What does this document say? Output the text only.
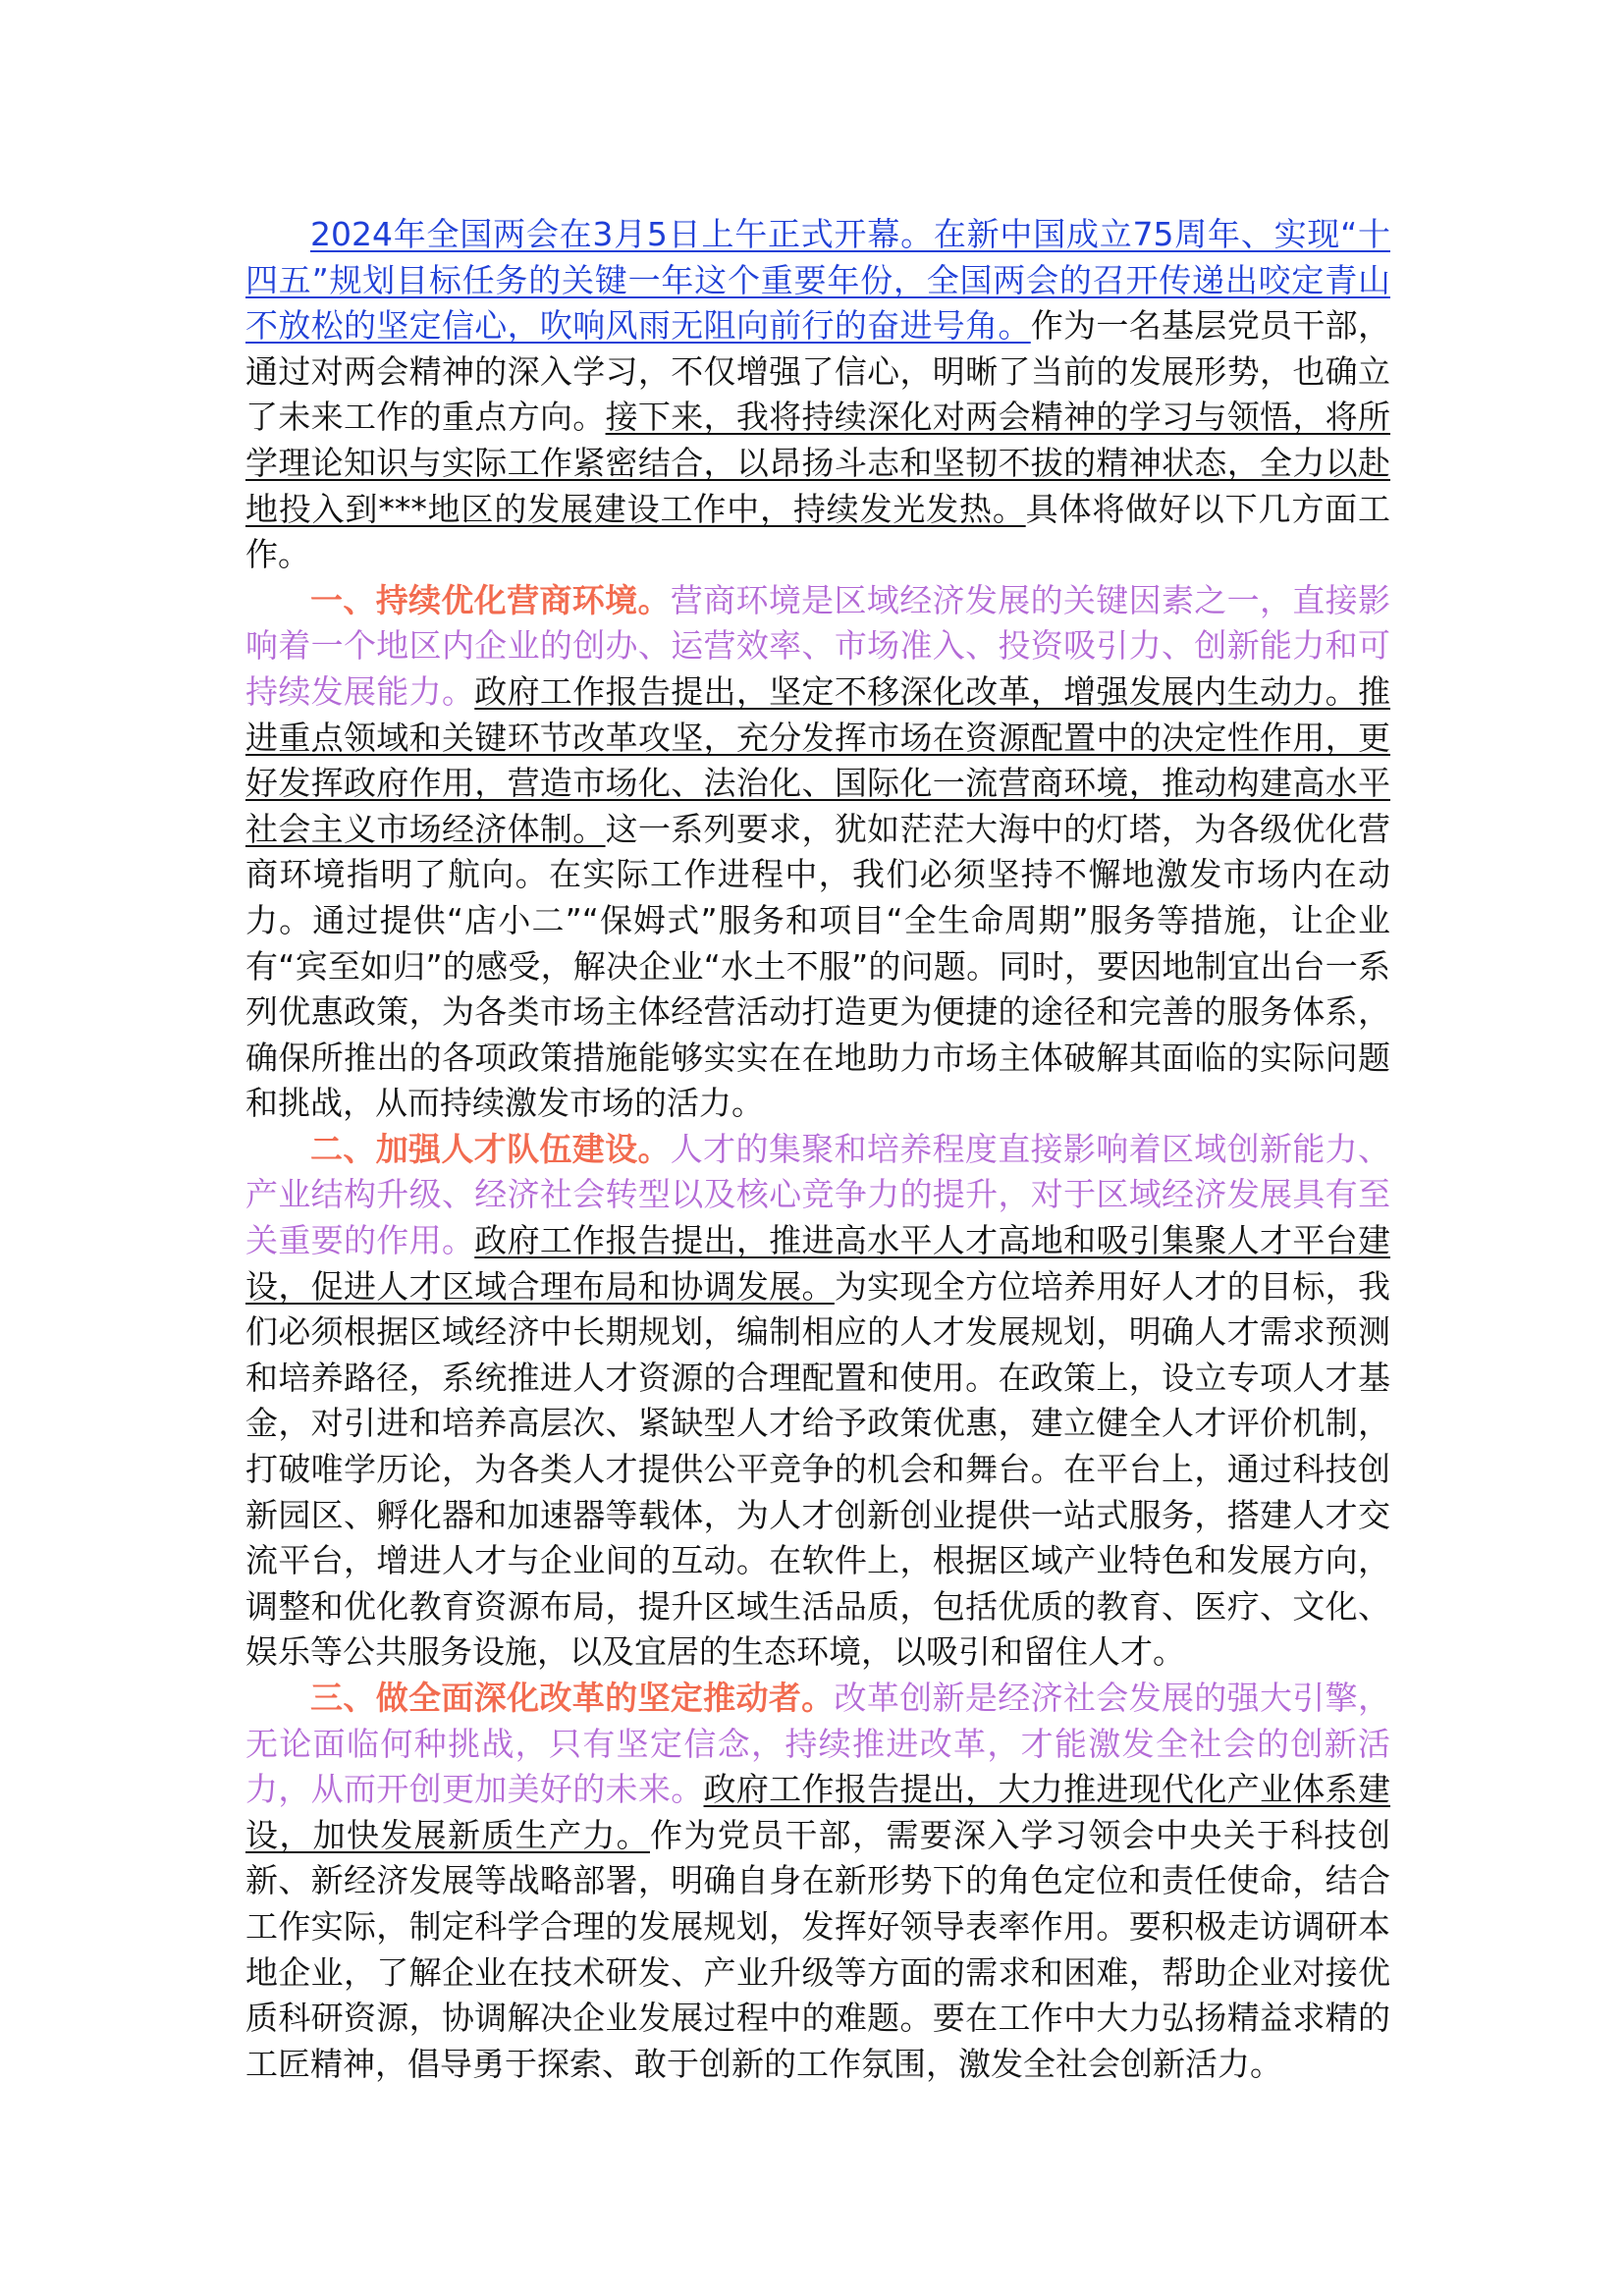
2024年全国两会在3月5日上午正式开幕。在新中国成立75周年、实现“十四五”规划目标任务的关键一年这个重要年份，全国两会的召开传递出咬定青山不放松的坚定信心，吹响风雨无阻向前行的奋进号角。作为一名基层党员干部，通过对两会精神的深入学习，不仅增强了信心，明晰了当前的发展形势，也确立了未来工作的重点方向。接下来，我将持续深化对两会精神的学习与领悟，将所学理论知识与实际工作紧密结合，以昂扬斗志和坚韧不拔的精神状态，全力以赴地投入到***地区的发展建设工作中，持续发光发热。具体将做好以下几方面工作。

一、持续优化营商环境。营商环境是区域经济发展的关键因素之一，直接影响着一个地区内企业的创办、运营效率、市场准入、投资吸引力、创新能力和可持续发展能力。政府工作报告提出，坚定不移深化改革，增强发展内生动力。推进重点领域和关键环节改革攻坚，充分发挥市场在资源配置中的决定性作用，更好发挥政府作用，营造市场化、法治化、国际化一流营商环境，推动构建高水平社会主义市场经济体制。这一系列要求，犹如茫茫大海中的灯塔，为各级优化营商环境指明了航向。在实际工作进程中，我们必须坚持不懈地激发市场内在动力。通过提供“店小二”“保姆式”服务和项目“全生命周期”服务等措施，让企业有“宾至如归”的感受，解决企业“水土不服”的问题。同时，要因地制宜出台一系列优惠政策，为各类市场主体经营活动打造更为便捷的途径和完善的服务体系，确保所推出的各项政策措施能够实实在在地助力市场主体破解其面临的实际问题和挑战，从而持续激发市场的活力。

二、加强人才队伍建设。人才的集聚和培养程度直接影响着区域创新能力、产业结构升级、经济社会转型以及核心竞争力的提升，对于区域经济发展具有至关重要的作用。政府工作报告提出，推进高水平人才高地和吸引集聚人才平台建设，促进人才区域合理布局和协调发展。为实现全方位培养用好人才的目标，我们必须根据区域经济中长期规划，编制相应的人才发展规划，明确人才需求预测和培养路径，系统推进人才资源的合理配置和使用。在政策上，设立专项人才基金，对引进和培养高层次、紧缺型人才给予政策优惠，建立健全人才评价机制，打破唯学历论，为各类人才提供公平竞争的机会和舞台。在平台上，通过科技创新园区、孵化器和加速器等载体，为人才创新创业提供一站式服务，搭建人才交流平台，增进人才与企业间的互动。在软件上，根据区域产业特色和发展方向，调整和优化教育资源布局，提升区域生活品质，包括优质的教育、医疗、文化、娱乐等公共服务设施，以及宜居的生态环境，以吸引和留住人才。

三、做全面深化改革的坚定推动者。改革创新是经济社会发展的强大引擎，无论面临何种挑战，只有坚定信念，持续推进改革，才能激发全社会的创新活力，从而开创更加美好的未来。政府工作报告提出，大力推进现代化产业体系建设，加快发展新质生产力。作为党员干部，需要深入学习领会中央关于科技创新、新经济发展等战略部署，明确自身在新形势下的角色定位和责任使命，结合工作实际，制定科学合理的发展规划，发挥好领导表率作用。要积极走访调研本地企业，了解企业在技术研发、产业升级等方面的需求和困难，帮助企业对接优质科研资源，协调解决企业发展过程中的难题。要在工作中大力弘扬精益求精的工匠精神，倡导勇于探索、敢于创新的工作氛围，激发全社会创新活力。
